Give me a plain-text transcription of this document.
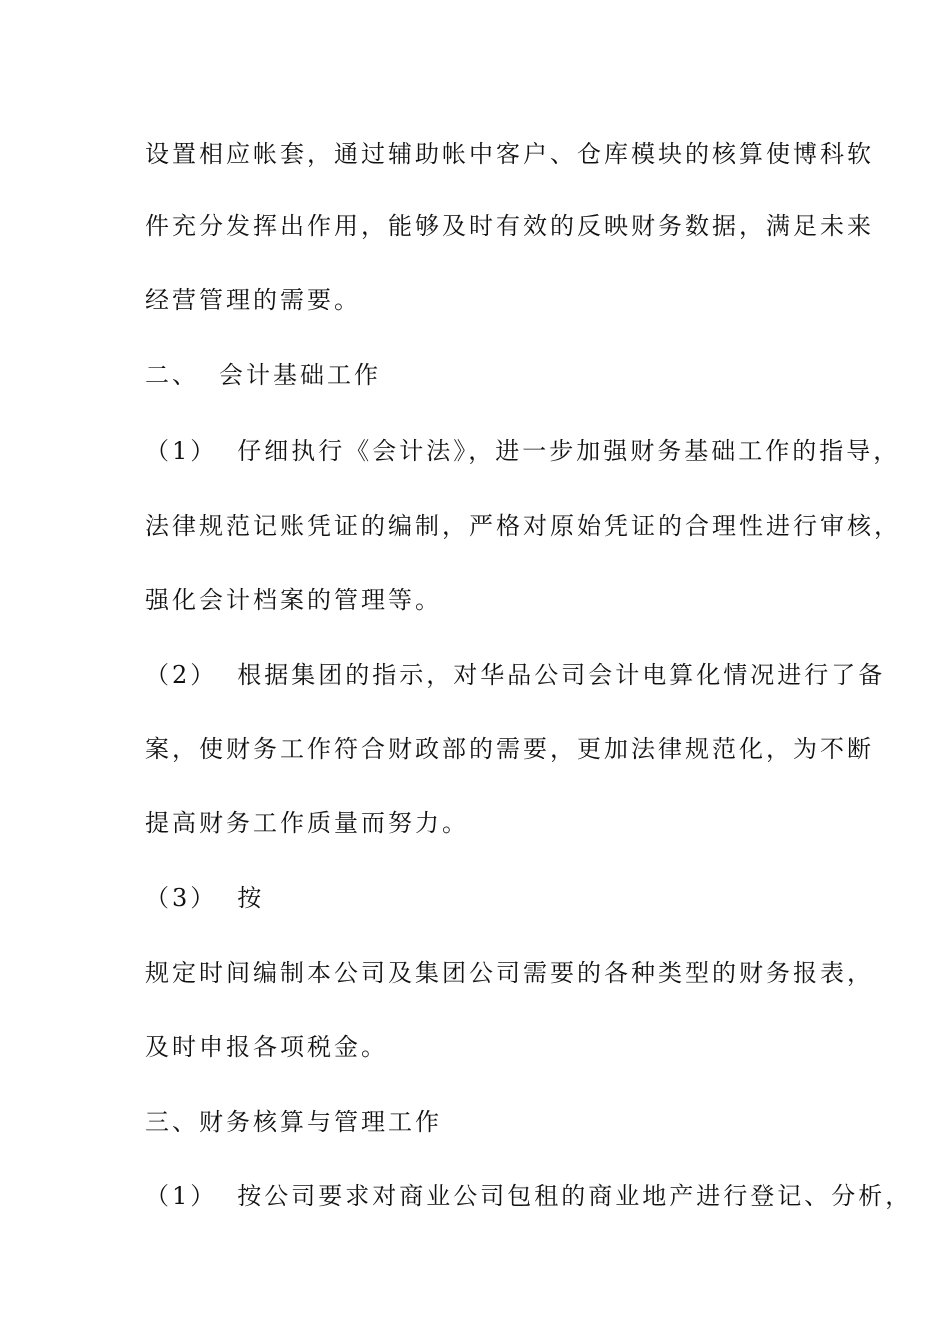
设置相应帐套，通过辅助帐中客户、仓库模块的核算使博科软
件充分发挥出作用，能够及时有效的反映财务数据，满足未来
经营管理的需要。
二、 会计基础工作
（1） 仔细执行《会计法》，进一步加强财务基础工作的指导，
法律规范记账凭证的编制，严格对原始凭证的合理性进行审核，
强化会计档案的管理等。
（2） 根据集团的指示，对华品公司会计电算化情况进行了备
案，使财务工作符合财政部的需要，更加法律规范化，为不断
提高财务工作质量而努力。
（3） 按
规定时间编制本公司及集团公司需要的各种类型的财务报表，
及时申报各项税金。
三、财务核算与管理工作
（1） 按公司要求对商业公司包租的商业地产进行登记、分析，
